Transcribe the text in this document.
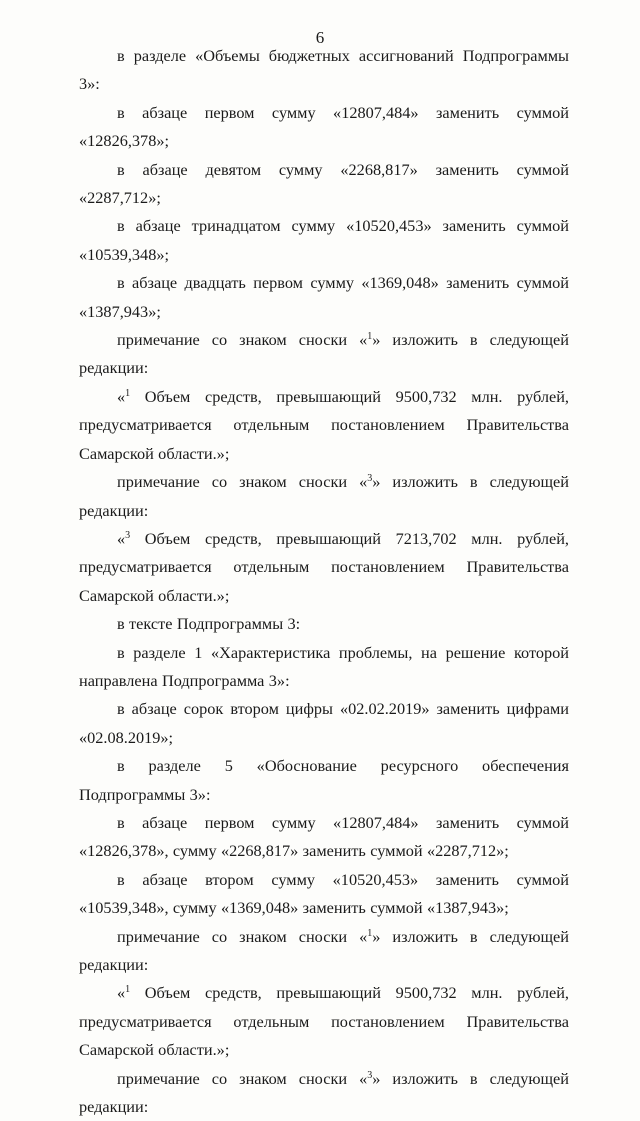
6

в разделе «Объемы бюджетных ассигнований Подпрограммы 3»:

в абзаце первом сумму «12807,484» заменить суммой «12826,378»;

в абзаце девятом сумму «2268,817» заменить суммой «2287,712»;

в абзаце тринадцатом сумму «10520,453» заменить суммой «10539,348»;

в абзаце двадцать первом сумму «1369,048» заменить суммой «1387,943»;

примечание со знаком сноски «$^1$» изложить в следующей редакции:

«$^1$ Объем средств, превышающий 9500,732 млн. рублей, предусматривается отдельным постановлением Правительства Самарской области.»;

примечание со знаком сноски «$^3$» изложить в следующей редакции:

«$^3$ Объем средств, превышающий 7213,702 млн. рублей, предусматривается отдельным постановлением Правительства Самарской области.»;

в тексте Подпрограммы 3:

в разделе 1 «Характеристика проблемы, на решение которой направлена Подпрограмма 3»:

в абзаце сорок втором цифры «02.02.2019» заменить цифрами «02.08.2019»;

в разделе 5 «Обоснование ресурсного обеспечения Подпрограммы 3»:

в абзаце первом сумму «12807,484» заменить суммой «12826,378», сумму «2268,817» заменить суммой «2287,712»;

в абзаце втором сумму «10520,453» заменить суммой «10539,348», сумму «1369,048» заменить суммой «1387,943»;

примечание со знаком сноски «$^1$» изложить в следующей редакции:

«$^1$ Объем средств, превышающий 9500,732 млн. рублей, предусматривается отдельным постановлением Правительства Самарской области.»;

примечание со знаком сноски «$^3$» изложить в следующей редакции:
